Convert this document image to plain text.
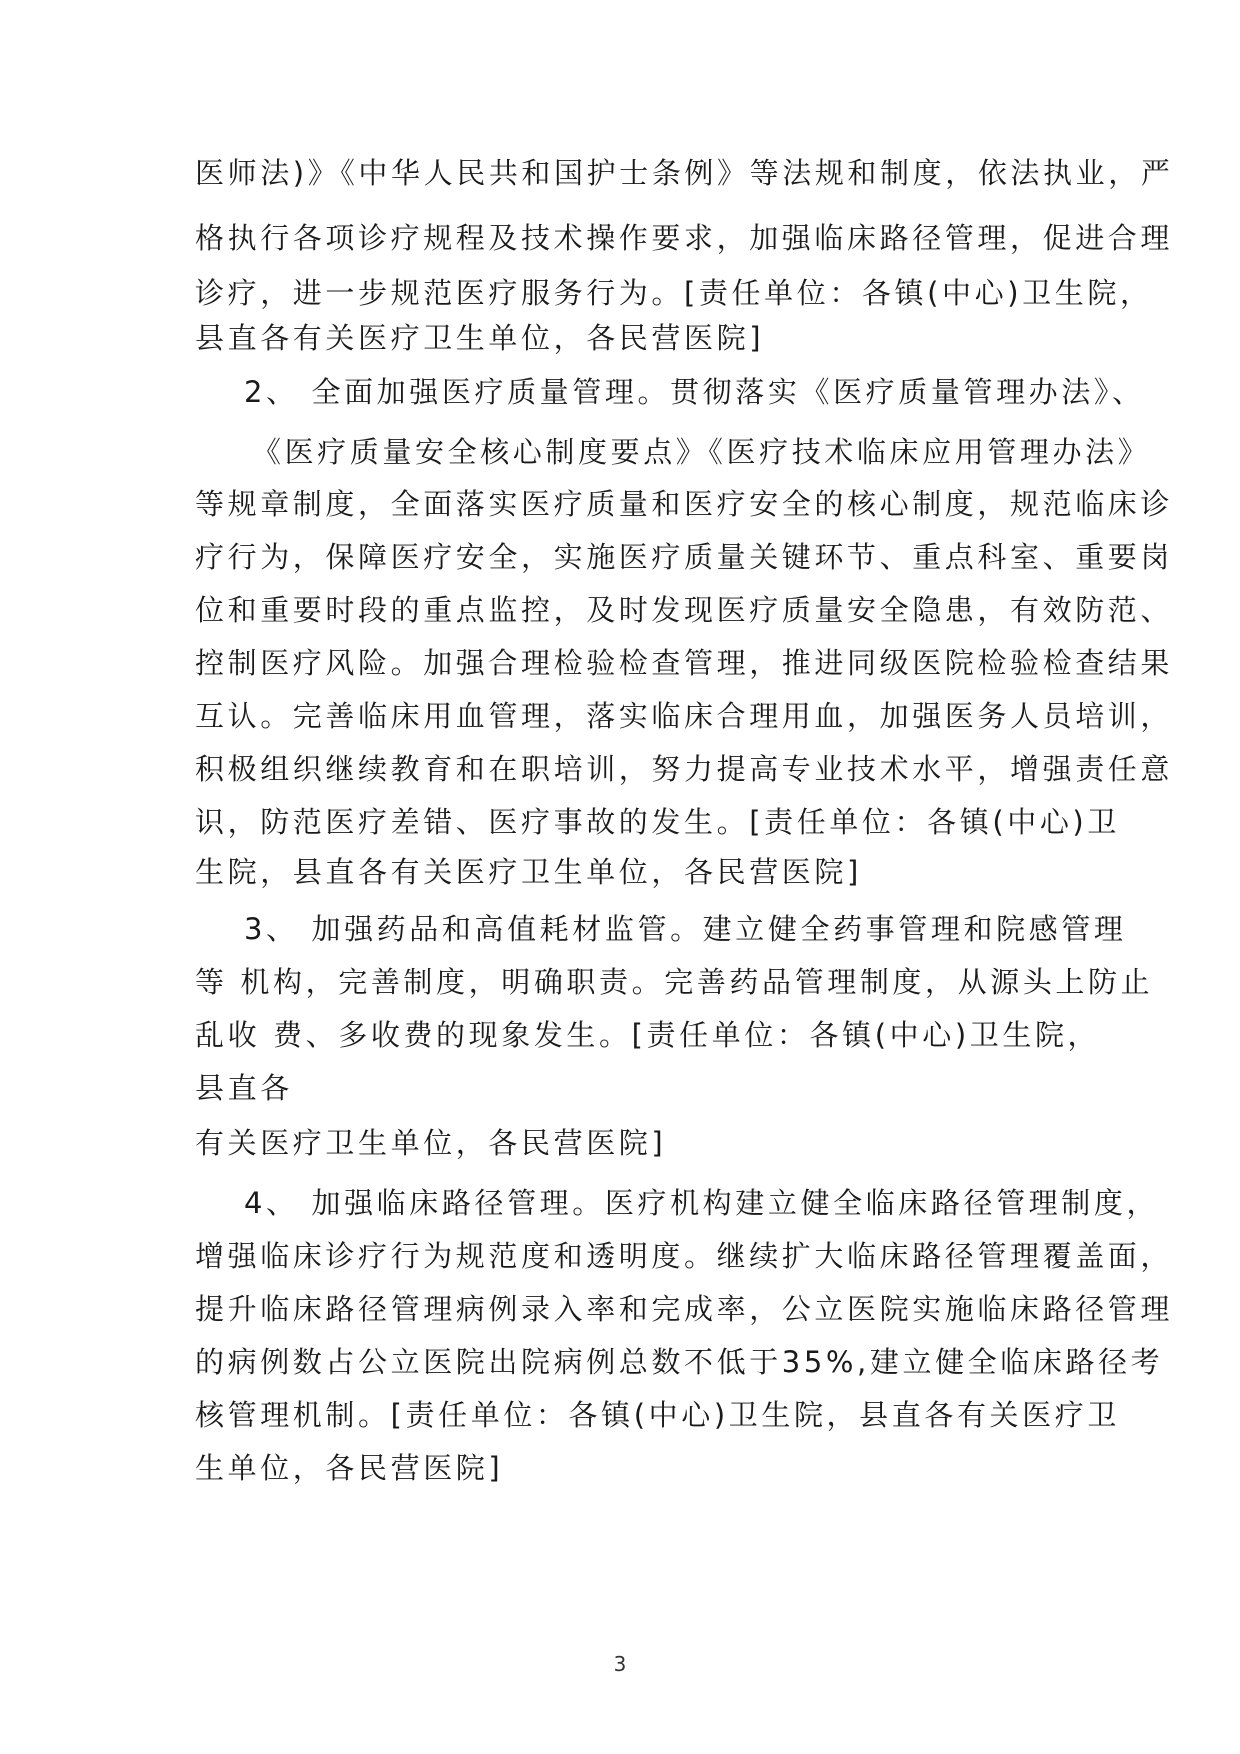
医师法)》《中华人民共和国护士条例》等法规和制度，依法执业，严
格执行各项诊疗规程及技术操作要求，加强临床路径管理，促进合理
诊疗，进一步规范医疗服务行为。[责任单位：各镇(中心)卫生院，
县直各有关医疗卫生单位，各民营医院]
2、 全面加强医疗质量管理。贯彻落实《医疗质量管理办法》、
《医疗质量安全核心制度要点》《医疗技术临床应用管理办法》
等规章制度，全面落实医疗质量和医疗安全的核心制度，规范临床诊
疗行为，保障医疗安全，实施医疗质量关键环节、重点科室、重要岗
位和重要时段的重点监控，及时发现医疗质量安全隐患，有效防范、
控制医疗风险。加强合理检验检查管理，推进同级医院检验检查结果
互认。完善临床用血管理，落实临床合理用血，加强医务人员培训，
积极组织继续教育和在职培训，努力提高专业技术水平，增强责任意
识，防范医疗差错、医疗事故的发生。[责任单位：各镇(中心)卫
生院，县直各有关医疗卫生单位，各民营医院]
3、 加强药品和高值耗材监管。建立健全药事管理和院感管理
等 机构，完善制度，明确职责。完善药品管理制度，从源头上防止
乱收 费、多收费的现象发生。[责任单位：各镇(中心)卫生院，
县直各
有关医疗卫生单位，各民营医院]
4、 加强临床路径管理。医疗机构建立健全临床路径管理制度，
增强临床诊疗行为规范度和透明度。继续扩大临床路径管理覆盖面，
提升临床路径管理病例录入率和完成率，公立医院实施临床路径管理
的病例数占公立医院出院病例总数不低于35%,建立健全临床路径考
核管理机制。[责任单位：各镇(中心)卫生院，县直各有关医疗卫
生单位，各民营医院]
3
